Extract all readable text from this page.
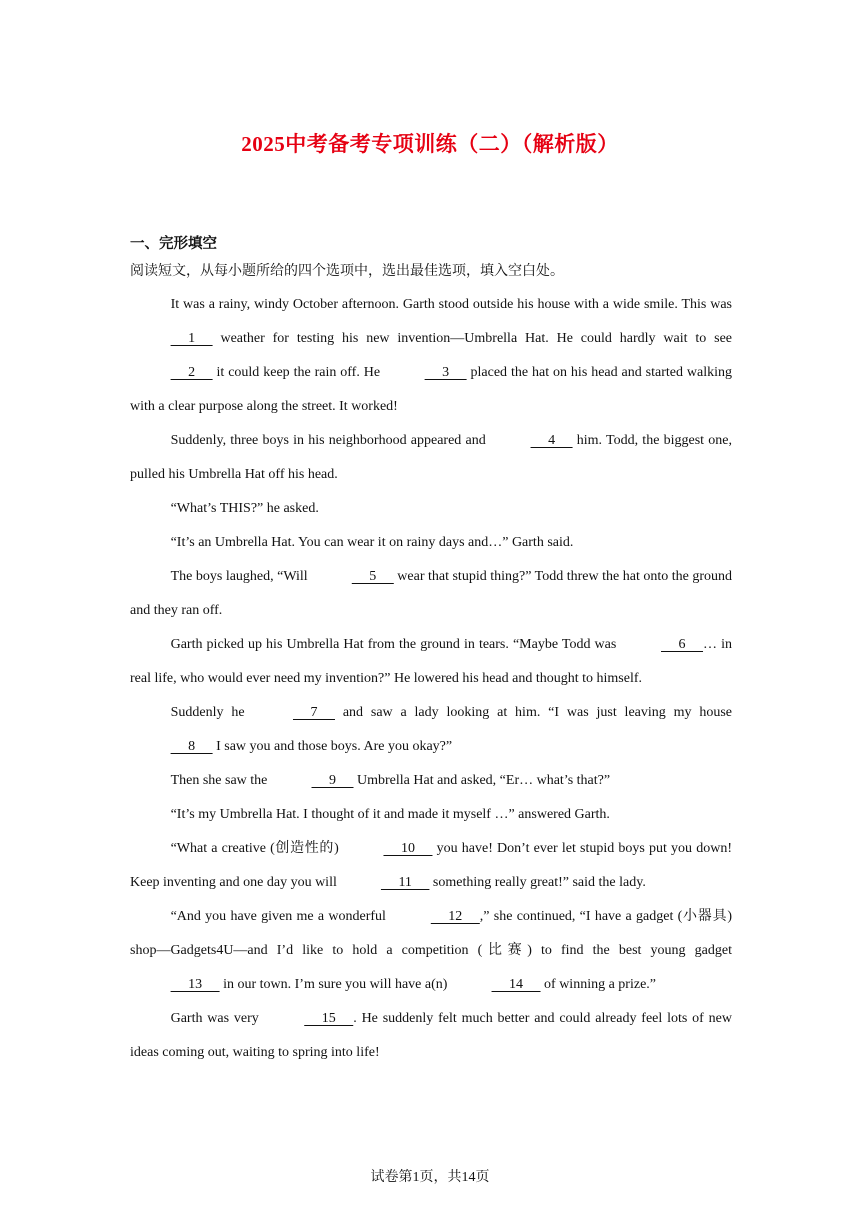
2025中考备考专项训练（二）（解析版）
一、完形填空
阅读短文，从每小题所给的四个选项中，选出最佳选项，填入空白处。

It was a rainy, windy October afternoon. Garth stood outside his house with a wide smile. This was      1      weather for testing his new invention—Umbrella Hat. He could hardly wait to see      2      it could keep the rain off. He	3      placed the hat on his head and started walking with a clear purpose along the street. It worked!

Suddenly, three boys in his neighborhood appeared and	4      him. Todd, the biggest one, pulled his Umbrella Hat off his head.

“What’s THIS?” he asked.

“It’s an Umbrella Hat. You can wear it on rainy days and…” Garth said.

The boys laughed, “Will	5      wear that stupid thing?” Todd threw the hat onto the ground and they ran off.

Garth picked up his Umbrella Hat from the ground in tears. “Maybe Todd was	6     … in real life, who would ever need my invention?” He lowered his head and thought to himself.

Suddenly he	7      and saw a lady looking at him. “I was just leaving my house      8      I saw you and those boys. Are you okay?”

Then she saw the	9      Umbrella Hat and asked, “Er… what’s that?”

“It’s my Umbrella Hat. I thought of it and made it myself …” answered Garth.

“What a creative (创造性的)	10      you have! Don’t ever let stupid boys put you down! Keep inventing and one day you will	11      something really great!” said the lady.

“And you have given me a wonderful	12     ,” she continued, “I have a gadget (小器具) shop—Gadgets4U—and I’d like to hold a competition (比赛) to find the best young gadget      13      in our town. I’m sure you will have a(n)	14      of winning a prize.”

Garth was very	15     . He suddenly felt much better and could already feel lots of new ideas coming out, waiting to spring into life!

试卷第1页，共14页
